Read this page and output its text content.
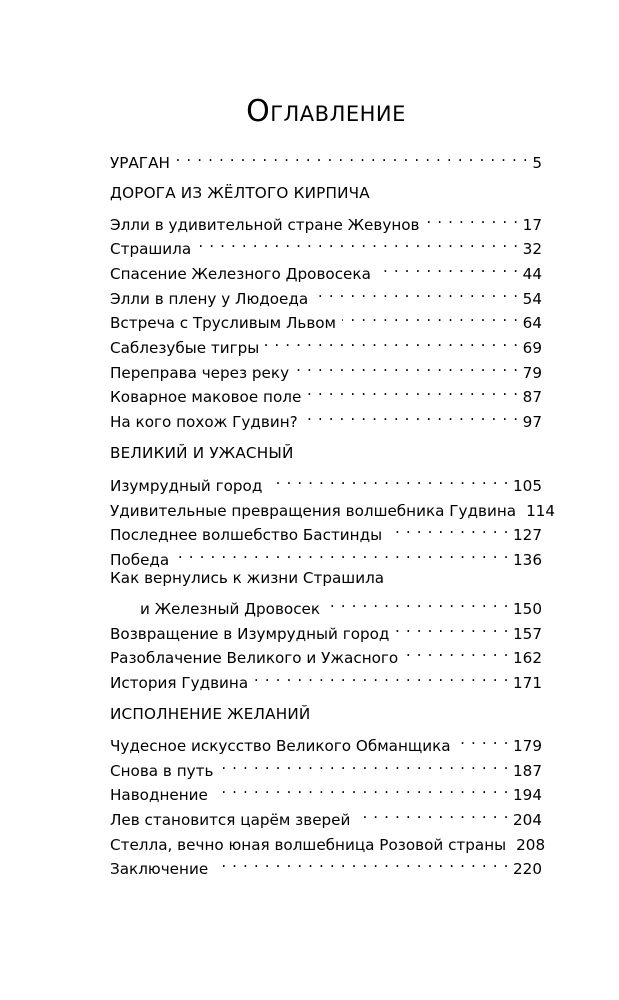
Оглавление
УРАГАН . . .	5
ДОРОГА ИЗ ЖЁЛТОГО КИРПИЧА
Элли в удивительной стране Жевунов . . .	17
Страшила . . .	32
Спасение Железного Дровосека . . .	44
Элли в плену у Людоеда . . .	54
Встреча с Трусливым Львом . . .	64
Саблезубые тигры . . .	69
Переправа через реку . . .	79
Коварное маковое поле . . .	87
На кого похож Гудвин? . . .	97
ВЕЛИКИЙ И УЖАСНЫЙ
Изумрудный город . . .	105
Удивительные превращения волшебника Гудвина 114
Последнее волшебство Бастинды . . .	127
Победа . . .	136
Как вернулись к жизни Страшила
и Железный Дровосек . . .	150
Возвращение в Изумрудный город . . .	157
Разоблачение Великого и Ужасного . . .	162
История Гудвина . . .	171
ИСПОЛНЕНИЕ ЖЕЛАНИЙ
Чудесное искусство Великого Обманщика . . .	179
Снова в путь . . .	187
Наводнение . . .	194
Лев становится царём зверей . . .	204
Стелла, вечно юная волшебница Розовой страны 208
Заключение . . .	220
